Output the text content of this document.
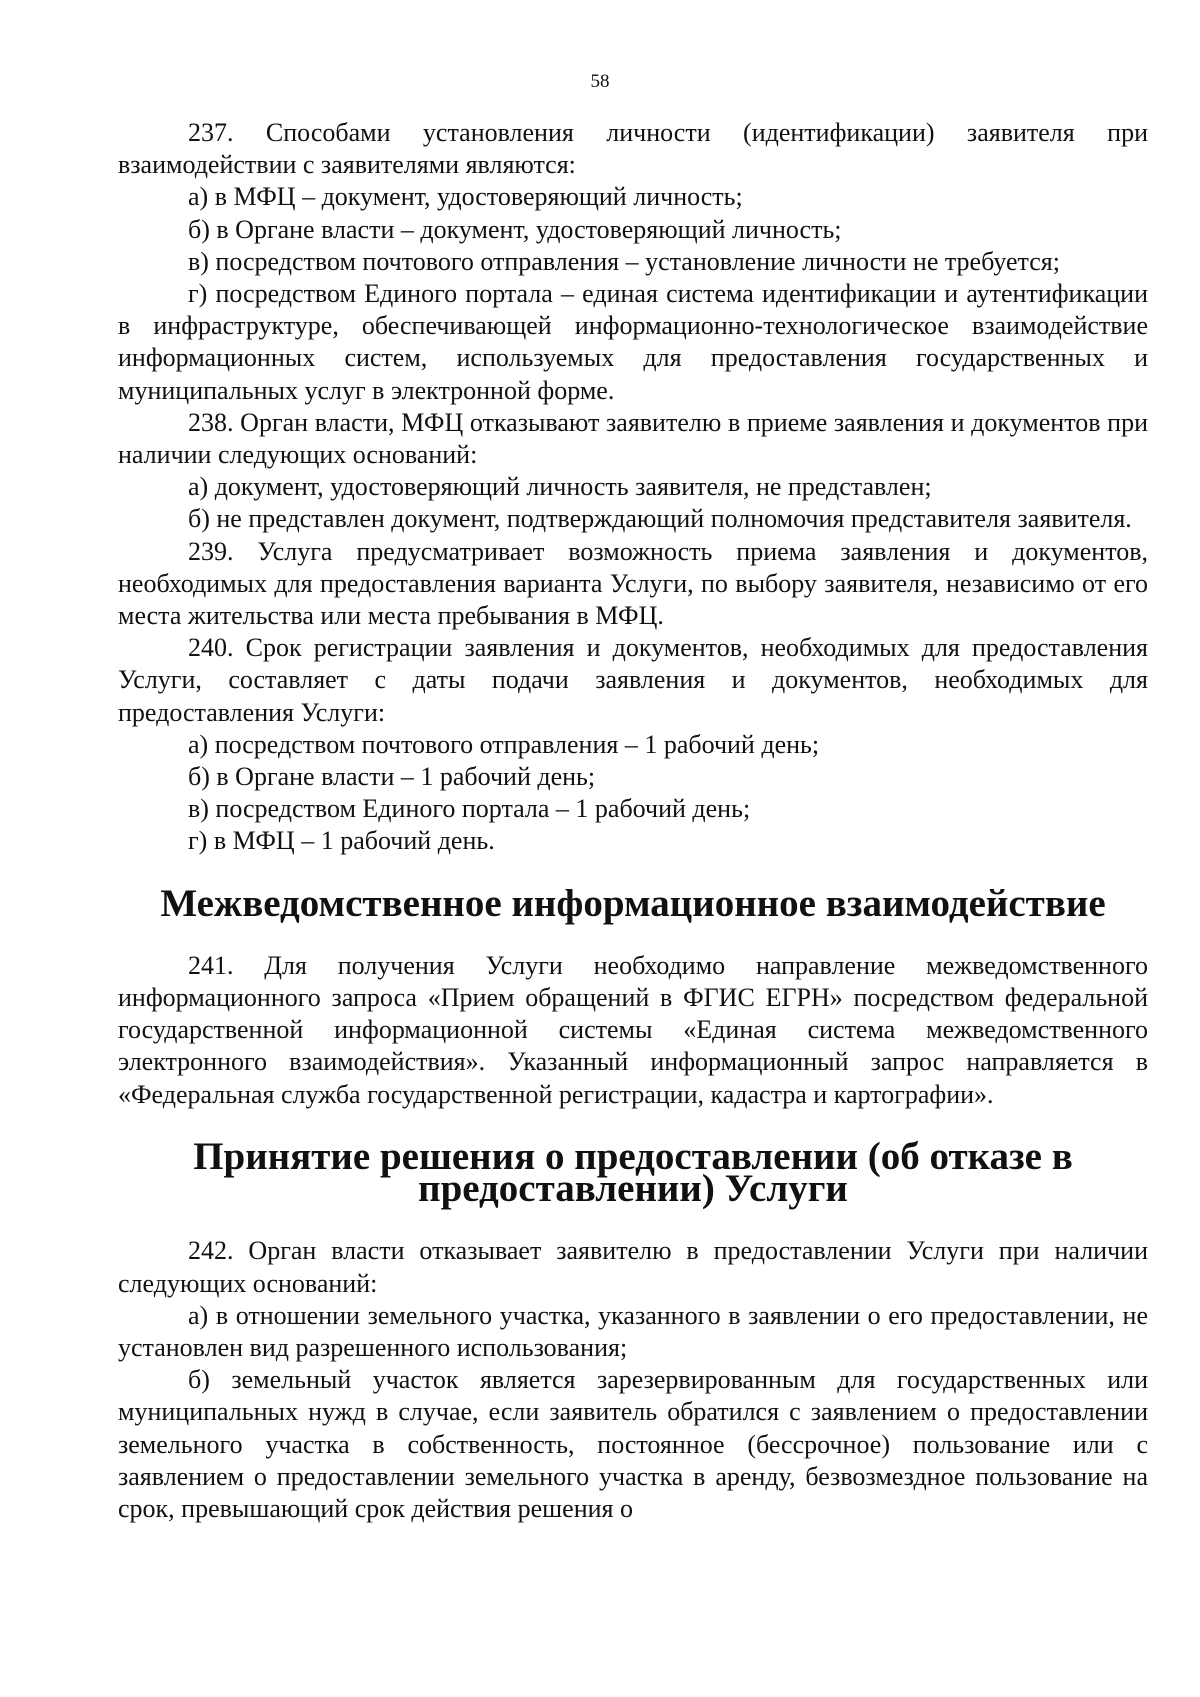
58

237. Способами установления личности (идентификации) заявителя при взаимодействии с заявителями являются:

а) в МФЦ – документ, удостоверяющий личность;

б) в Органе власти – документ, удостоверяющий личность;

в) посредством почтового отправления – установление личности не требуется;

г) посредством Единого портала – единая система идентификации и аутентификации в инфраструктуре, обеспечивающей информационно-технологическое взаимодействие информационных систем, используемых для предоставления государственных и муниципальных услуг в электронной форме.

238. Орган власти, МФЦ отказывают заявителю в приеме заявления и документов при наличии следующих оснований:

а) документ, удостоверяющий личность заявителя, не представлен;

б) не представлен документ, подтверждающий полномочия представителя заявителя.

239. Услуга предусматривает возможность приема заявления и документов, необходимых для предоставления варианта Услуги, по выбору заявителя, независимо от его места жительства или места пребывания в МФЦ.

240. Срок регистрации заявления и документов, необходимых для предоставления Услуги, составляет с даты подачи заявления и документов, необходимых для предоставления Услуги:

а) посредством почтового отправления – 1 рабочий день;

б) в Органе власти – 1 рабочий день;

в) посредством Единого портала – 1 рабочий день;

г) в МФЦ – 1 рабочий день.

Межведомственное информационное взаимодействие

241. Для получения Услуги необходимо направление межведомственного информационного запроса «Прием обращений в ФГИС ЕГРН» посредством федеральной государственной информационной системы «Единая система межведомственного электронного взаимодействия». Указанный информационный запрос направляется в «Федеральная служба государственной регистрации, кадастра и картографии».

Принятие решения о предоставлении (об отказе в предоставлении) Услуги

242. Орган власти отказывает заявителю в предоставлении Услуги при наличии следующих оснований:

а) в отношении земельного участка, указанного в заявлении о его предоставлении, не установлен вид разрешенного использования;

б) земельный участок является зарезервированным для государственных или муниципальных нужд в случае, если заявитель обратился с заявлением о предоставлении земельного участка в собственность, постоянное (бессрочное) пользование или с заявлением о предоставлении земельного участка в аренду, безвозмездное пользование на срок, превышающий срок действия решения о
